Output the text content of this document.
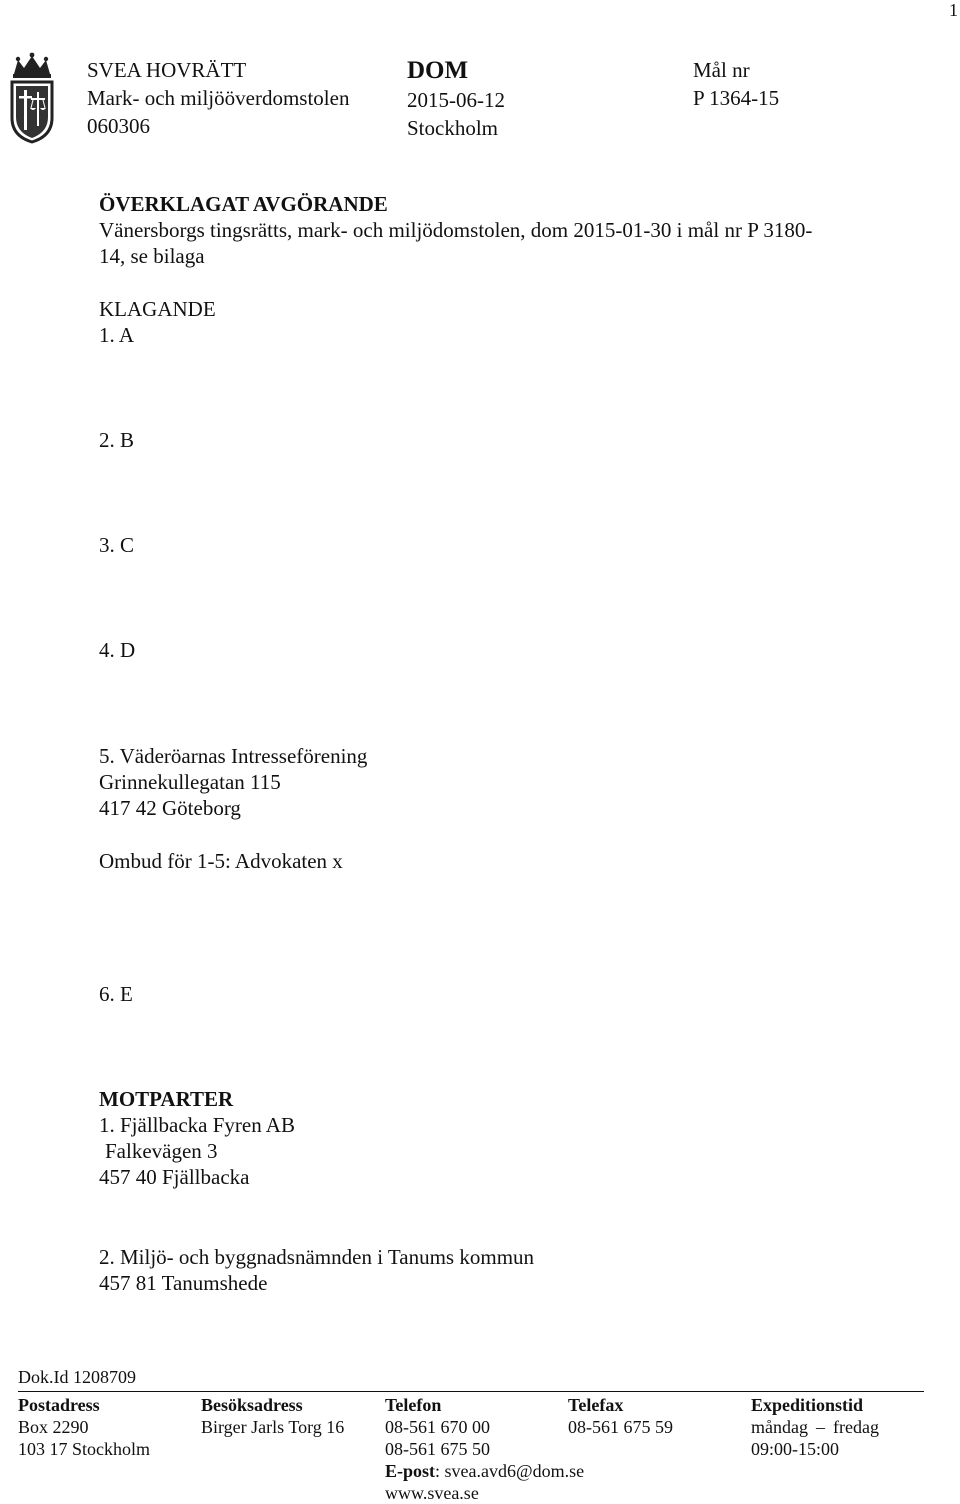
1
SVEA HOVRÄTT
Mark- och miljööverdomstolen
060306
DOM
2015-06-12
Stockholm
Mål nr
P 1364-15
ÖVERKLAGAT AVGÖRANDE
Vänersborgs tingsrätts, mark- och miljödomstolen, dom 2015-01-30 i mål nr P 3180-
14, se bilaga
KLAGANDE
1. A
2. B
3. C
4. D
5. Väderöarnas Intresseförening
Grinnekullegatan 115
417 42 Göteborg
Ombud för 1-5: Advokaten x
6. E
MOTPARTER
1. Fjällbacka Fyren AB
Falkevägen 3
457 40 Fjällbacka
2. Miljö- och byggnadsnämnden i Tanums kommun
457 81 Tanumshede
Dok.Id 1208709
Postadress
Box 2290
103 17 Stockholm
Besöksadress
Birger Jarls Torg 16
Telefon
08-561 670 00
08-561 675 50
E-post: svea.avd6@dom.se
www.svea.se
Telefax
08-561 675 59
Expeditionstid
måndag – fredag
09:00-15:00
